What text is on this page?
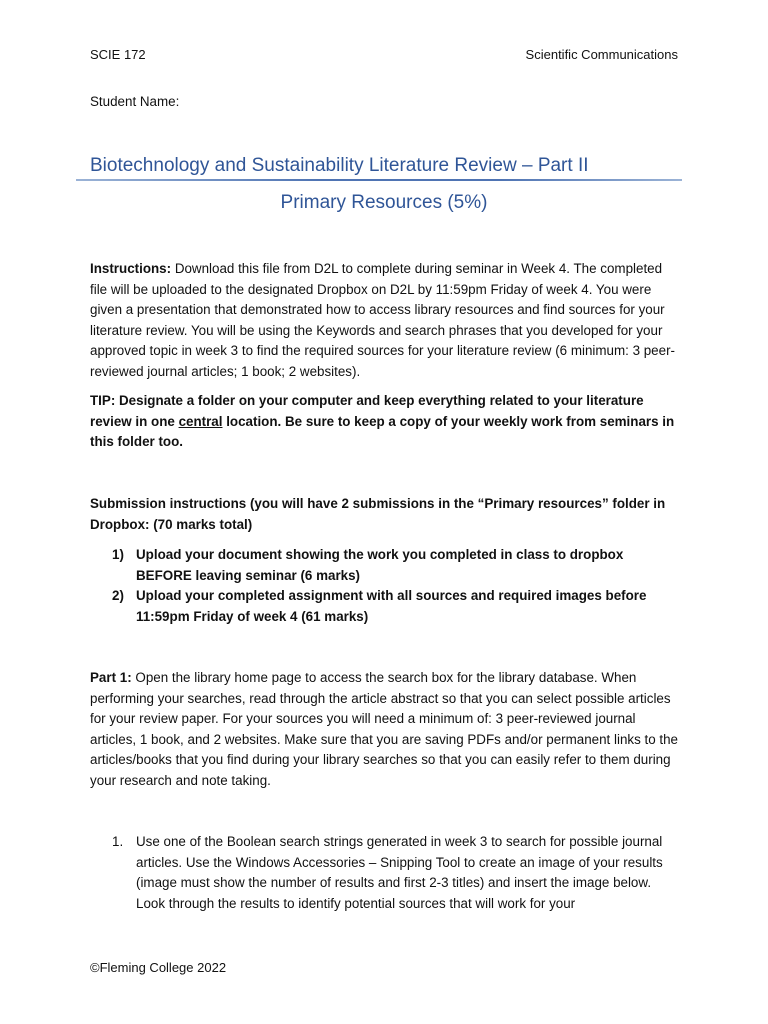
SCIE 172	Scientific Communications
Student Name:
Biotechnology and Sustainability Literature Review – Part II
Primary Resources (5%)
Instructions: Download this file from D2L to complete during seminar in Week 4. The completed file will be uploaded to the designated Dropbox on D2L by 11:59pm Friday of week 4. You were given a presentation that demonstrated how to access library resources and find sources for your literature review. You will be using the Keywords and search phrases that you developed for your approved topic in week 3 to find the required sources for your literature review (6 minimum: 3 peer-reviewed journal articles; 1 book; 2 websites).
TIP: Designate a folder on your computer and keep everything related to your literature review in one central location. Be sure to keep a copy of your weekly work from seminars in this folder too.
Submission instructions (you will have 2 submissions in the “Primary resources” folder in Dropbox: (70 marks total)
1) Upload your document showing the work you completed in class to dropbox BEFORE leaving seminar (6 marks)
2) Upload your completed assignment with all sources and required images before 11:59pm Friday of week 4 (61 marks)
Part 1: Open the library home page to access the search box for the library database. When performing your searches, read through the article abstract so that you can select possible articles for your review paper. For your sources you will need a minimum of: 3 peer-reviewed journal articles, 1 book, and 2 websites. Make sure that you are saving PDFs and/or permanent links to the articles/books that you find during your library searches so that you can easily refer to them during your research and note taking.
1. Use one of the Boolean search strings generated in week 3 to search for possible journal articles. Use the Windows Accessories – Snipping Tool to create an image of your results (image must show the number of results and first 2-3 titles) and insert the image below. Look through the results to identify potential sources that will work for your
©Fleming College 2022
